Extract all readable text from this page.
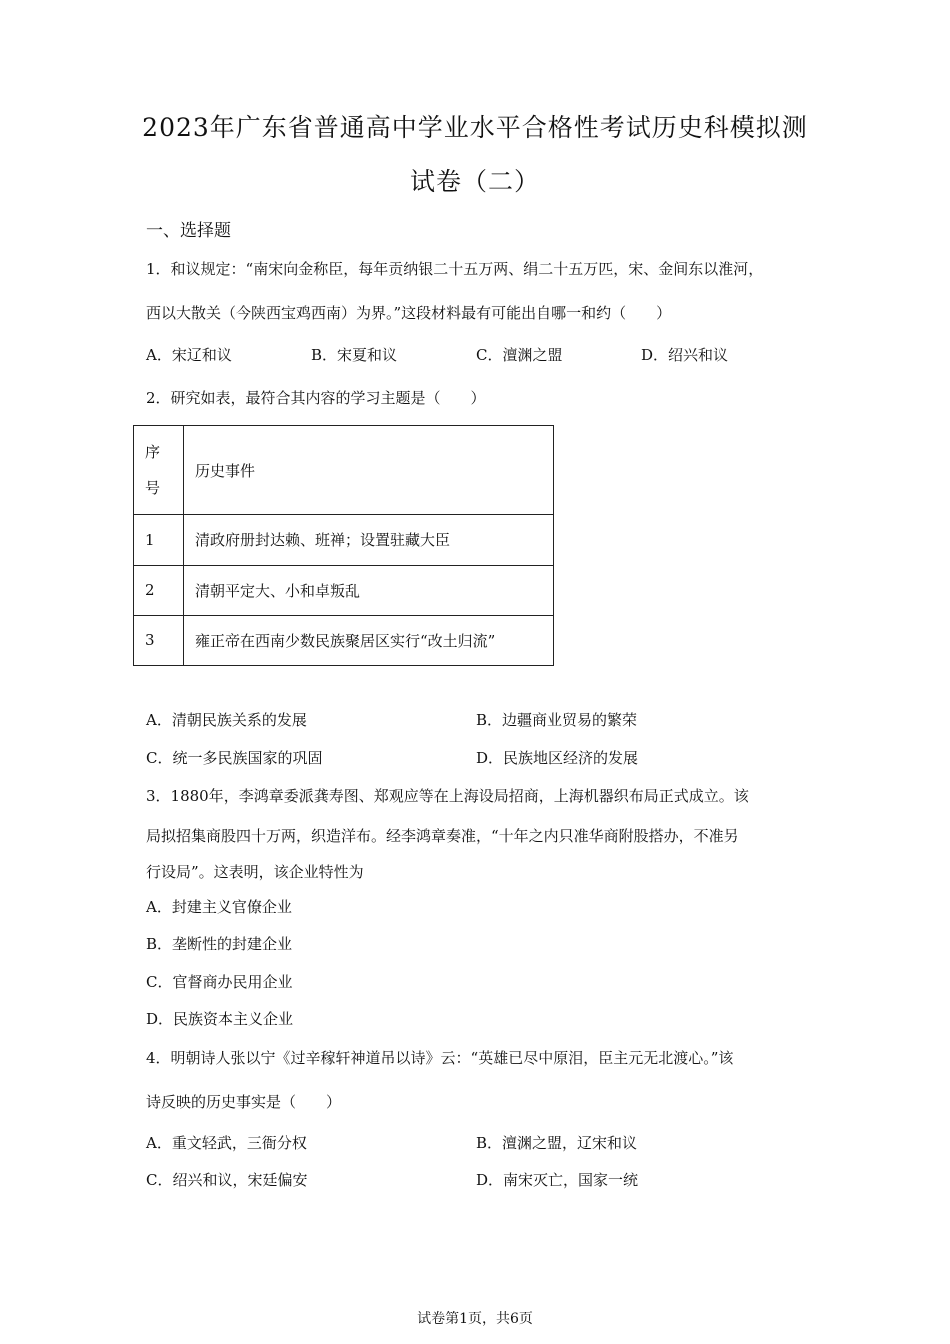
2023年广东省普通高中学业水平合格性考试历史科模拟测
试卷（二）
一、选择题
1．和议规定：“南宋向金称臣，每年贡纳银二十五万两、绢二十五万匹，宋、金间东以淮河，
西以大散关（今陕西宝鸡西南）为界。”这段材料最有可能出自哪一和约（　　）
A．宋辽和议	B．宋夏和议	C．澶渊之盟	D．绍兴和议
2．研究如表，最符合其内容的学习主题是（　　）
序
号	历史事件
1	清政府册封达赖、班禅；设置驻藏大臣
2	清朝平定大、小和卓叛乱
3	雍正帝在西南少数民族聚居区实行“改土归流”
A．清朝民族关系的发展	B．边疆商业贸易的繁荣
C．统一多民族国家的巩固	D．民族地区经济的发展
3．1880年，李鸿章委派龚寿图、郑观应等在上海设局招商，上海机器织布局正式成立。该
局拟招集商股四十万两，织造洋布。经李鸿章奏准，“十年之内只准华商附股搭办，不准另
行设局”。这表明，该企业特性为
A．封建主义官僚企业
B．垄断性的封建企业
C．官督商办民用企业
D．民族资本主义企业
4．明朝诗人张以宁《过辛稼轩神道吊以诗》云：“英雄已尽中原泪，臣主元无北渡心。”该
诗反映的历史事实是（　　）
A．重文轻武，三衙分权	B．澶渊之盟，辽宋和议
C．绍兴和议，宋廷偏安	D．南宋灭亡，国家一统
试卷第1页，共6页
